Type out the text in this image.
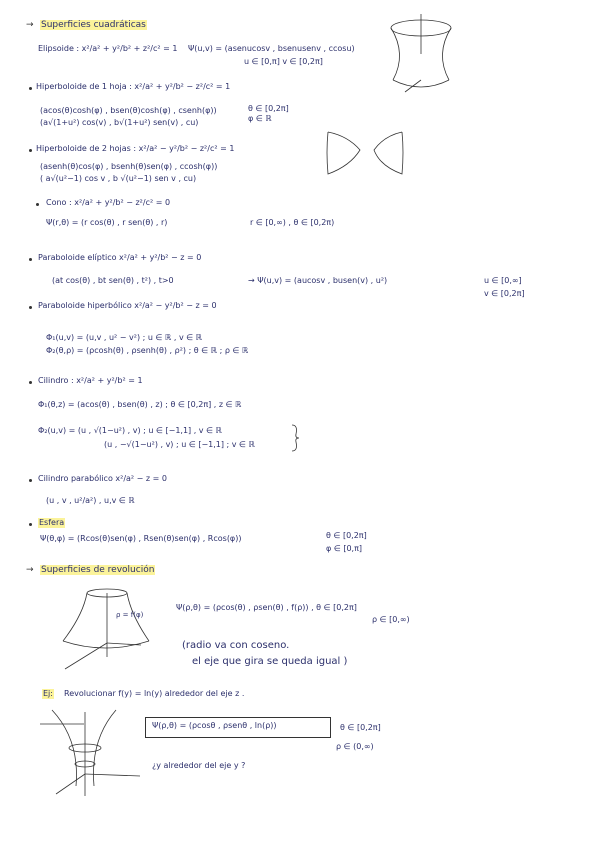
→ Superficies cuadráticas
Elipsoide : x²/a² + y²/b² + z²/c² = 1 Ψ(u,v) = (asenucosv , bsenusenv , ccosu)
u ∈ [0,π] v ∈ [0,2π]
Hiperboloide de 1 hoja : x²/a² + y²/b² − z²/c² = 1
(acos(θ)cosh(φ) , bsen(θ)cosh(φ) , csenh(φ))
(a√(1+u²) cos(v) , b√(1+u²) sen(v) , cu)
θ ∈ [0,2π] φ ∈ ℝ
Hiperboloide de 2 hojas : x²/a² − y²/b² − z²/c² = 1
(asenh(θ)cos(φ) , bsenh(θ)sen(φ) , ccosh(φ))
( a√(u²−1) cos v , b √(u²−1) sen v , cu)
Cono : x²/a² + y²/b² − z²/c² = 0
Ψ(r,θ) = (r cos(θ) , r sen(θ) , r)	r ∈ [0,∞) , θ ∈ [0,2π)
Paraboloide elíptico x²/a² + y²/b² − z = 0
(at cos(θ) , bt sen(θ) , t²) , t>0	→ Ψ(u,v) = (aucosv , busen(v) , u²)	u ∈ [0,∞]
v ∈ [0,2π]
Paraboloide hiperbólico x²/a² − y²/b² − z = 0
Φ₁(u,v) = (u,v , u² − v²) ; u ∈ ℝ , v ∈ ℝ
Φ₂(θ,ρ) = (ρcosh(θ) , ρsenh(θ) , ρ²) ; θ ∈ ℝ ; ρ ∈ ℝ
Cilindro : x²/a² + y²/b² = 1
Φ₁(θ,z) = (acos(θ) , bsen(θ) , z) ; θ ∈ [0,2π] , z ∈ ℝ
Φ₂(u,v) = (u , √(1−u²) , v) ; u ∈ [−1,1] , v ∈ ℝ
(u , −√(1−u²) , v) ; u ∈ [−1,1] ; v ∈ ℝ
Cilindro parabólico x²/a² − z = 0
(u , v , u²/a²) , u,v ∈ ℝ
Esfera
Ψ(θ,φ) = (Rcos(θ)sen(φ) , Rsen(θ)sen(φ) , Rcos(φ))	θ ∈ [0,2π]
φ ∈ [0,π]
→ Superficies de revolución
ρ = f(φ)
Ψ(ρ,θ) = (ρcos(θ) , ρsen(θ) , f(ρ)) , θ ∈ [0,2π]
ρ ∈ [0,∞)
(radio va con coseno.
el eje que gira se queda igual )
Ej: Revolucionar f(y) = ln(y) alrededor del eje z .
Ψ(ρ,θ) = (ρcosθ , ρsenθ , ln(ρ))	θ ∈ [0,2π]
ρ ∈ (0,∞)
¿y alrededor del eje y ?
